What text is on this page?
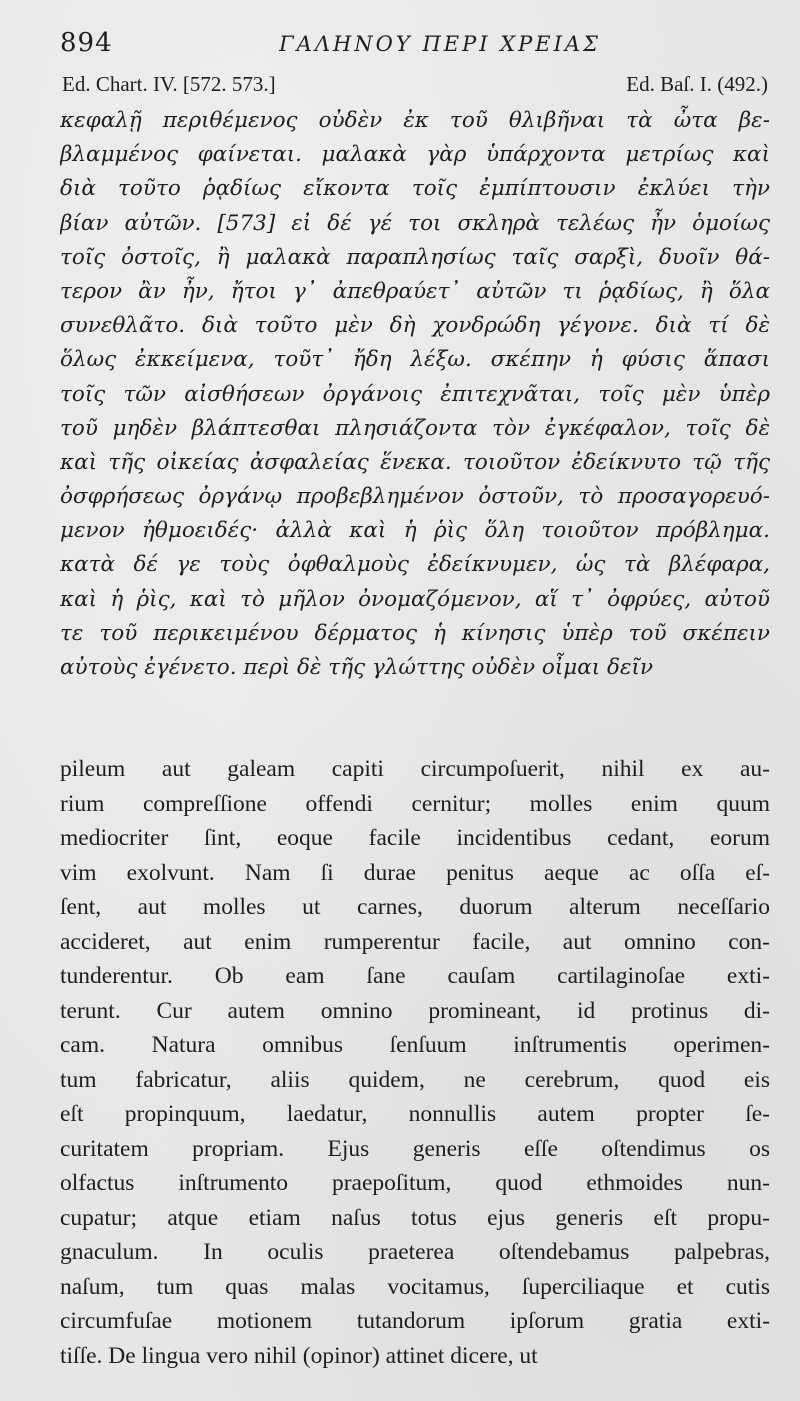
894	ΓΑΛΗΝΟΥ ΠΕΡΙ ΧΡΕΙΑΣ
Ed. Chart. IV. [572. 573.]	Ed. Baſ. I. (492.)
κεφαλῇ περιθέμενος οὐδὲν ἐκ τοῦ θλιβῆναι τὰ ὦτα βε-
βλαμμένος φαίνεται. μαλακὰ γὰρ ὑπάρχοντα μετρίως καὶ
διὰ τοῦτο ῥᾳδίως εἴκοντα τοῖς ἐμπίπτουσιν ἐκλύει τὴν
βίαν αὐτῶν. [573] εἰ δέ γέ τοι σκληρὰ τελέως ἦν ὁμοίως
τοῖς ὀστοῖς, ἢ μαλακὰ παραπλησίως ταῖς σαρξὶ, δυοῖν θά-
τερον ἂν ἦν, ἤτοι γ᾽ ἀπεθραύετ᾽ αὐτῶν τι ῥᾳδίως, ἢ ὅλα
συνεθλᾶτο. διὰ τοῦτο μὲν δὴ χονδρώδη γέγονε. διὰ τί δὲ
ὅλως ἐκκείμενα, τοῦτ᾽ ἤδη λέξω. σκέπην ἡ φύσις ἅπασι
τοῖς τῶν αἰσθήσεων ὀργάνοις ἐπιτεχνᾶται, τοῖς μὲν ὑπὲρ
τοῦ μηδὲν βλάπτεσθαι πλησιάζοντα τὸν ἐγκέφαλον, τοῖς δὲ
καὶ τῆς οἰκείας ἀσφαλείας ἕνεκα. τοιοῦτον ἐδείκνυτο τῷ τῆς
ὀσφρήσεως ὀργάνῳ προβεβλημένον ὀστοῦν, τὸ προσαγορευό-
μενον ἠθμοειδές· ἀλλὰ καὶ ἡ ῥὶς ὅλη τοιοῦτον πρόβλημα.
κατὰ δέ γε τοὺς ὀφθαλμοὺς ἐδείκνυμεν, ὡς τὰ βλέφαρα,
καὶ ἡ ῥὶς, καὶ τὸ μῆλον ὀνομαζόμενον, αἵ τ᾽ ὀφρύες, αὐτοῦ
τε τοῦ περικειμένου δέρματος ἡ κίνησις ὑπὲρ τοῦ σκέπειν
αὐτοὺς ἐγένετο. περὶ δὲ τῆς γλώττης οὐδὲν οἶμαι δεῖν
pileum aut galeam capiti circumpoſuerit, nihil ex au-
rium compreſſione offendi cernitur; molles enim quum
mediocriter ſint, eoque facile incidentibus cedant, eorum
vim exolvunt. Nam ſi durae penitus aeque ac oſſa eſ-
ſent, aut molles ut carnes, duorum alterum neceſſario
accideret, aut enim rumperentur facile, aut omnino con-
tunderentur. Ob eam ſane cauſam cartilaginoſae exti-
terunt. Cur autem omnino promineant, id protinus di-
cam. Natura omnibus ſenſuum inſtrumentis operimen-
tum fabricatur, aliis quidem, ne cerebrum, quod eis
eſt propinquum, laedatur, nonnullis autem propter ſe-
curitatem propriam. Ejus generis eſſe oſtendimus os
olfactus inſtrumento praepoſitum, quod ethmoides nun-
cupatur; atque etiam naſus totus ejus generis eſt propu-
gnaculum. In oculis praeterea oſtendebamus palpebras,
naſum, tum quas malas vocitamus, ſuperciliaque et cutis
circumfuſae motionem tutandorum ipſorum gratia exti-
tiſſe. De lingua vero nihil (opinor) attinet dicere, ut
